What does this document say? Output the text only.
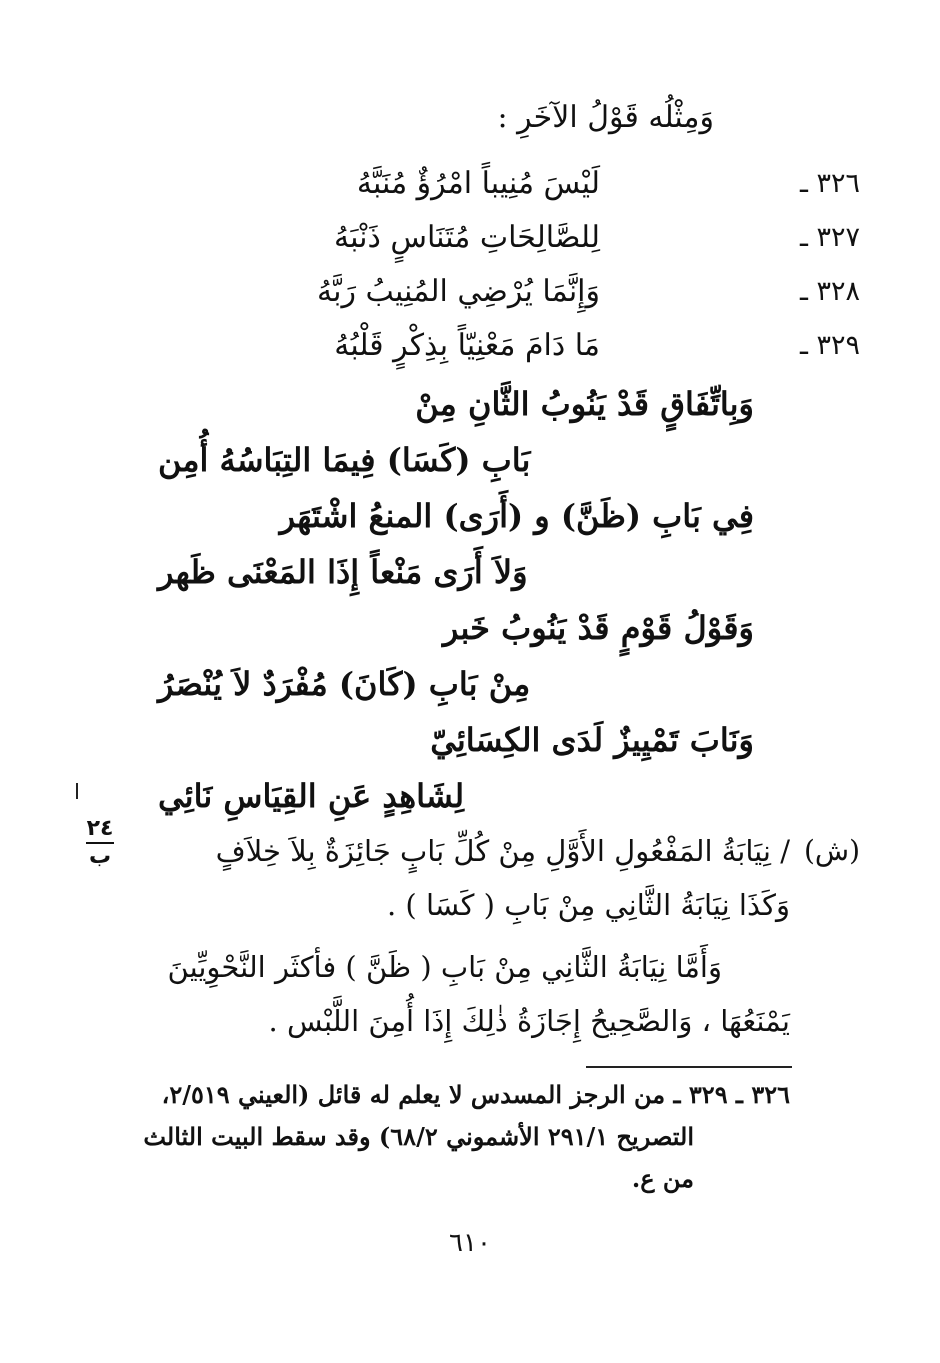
وَمِثْلُه قَوْلُ الآخَرِ :
٣٢٦ ـ
لَيْسَ مُنِيباً امْرُؤٌ مُنَبَّهُ
٣٢٧ ـ
لِلصَّالِحَاتِ مُتَنَاسٍ ذَنْبَهُ
٣٢٨ ـ
وَإِنَّمَا يُرْضِي المُنِيبُ رَبَّهُ
٣٢٩ ـ
مَا دَامَ مَعْنِيّاً بِذِكْرٍ قَلْبُهُ
وَبِاتِّفَاقٍ قَدْ يَنُوبُ الثَّانِ مِنْ
بَابِ (كَسَا) فِيمَا التِبَاسُهُ أُمِن
فِي بَابِ (ظَنَّ) و (أَرَى) المنعُ اشْتَهَر
وَلاَ أَرَى مَنْعاً إِذَا المَعْنَى ظَهر
وَقَوْلُ قَوْمٍ قَدْ يَنُوبُ خَبر
مِنْ بَابِ (كَانَ) مُفْرَدٌ لاَ يُنْصَرُ
وَنَابَ تَمْيِيزٌ لَدَى الكِسَائِيّ
لِشَاهِدٍ عَنِ القِيَاسِ نَائِي
(ش)
٢٤
ب	/ نِيَابَةُ المَفْعُولِ الأَوَّلِ مِنْ كُلِّ بَابٍ جَائِزَةٌ بِلاَ خِلاَفٍ
وَكَذَا نِيَابَةُ الثَّانِي مِنْ بَابِ ( كَسَا ) .
وَأَمَّا نِيَابَةُ الثَّانِي مِنْ بَابِ ( ظَنَّ ) فأكثَر النَّحْوِيِّينَ
يَمْنَعُهَا ، وَالصَّحِيحُ إِجَازَةُ ذٰلِكَ إِذَا أُمِنَ اللَّبْس .
٣٢٦ ـ ٣٢٩ ـ من الرجز المسدس لا يعلم له قائل (العيني ٢/٥١٩،
التصريح ٢٩١/١ الأشموني ٦٨/٢) وقد سقط البيت الثالث
من ع.
٦١٠
